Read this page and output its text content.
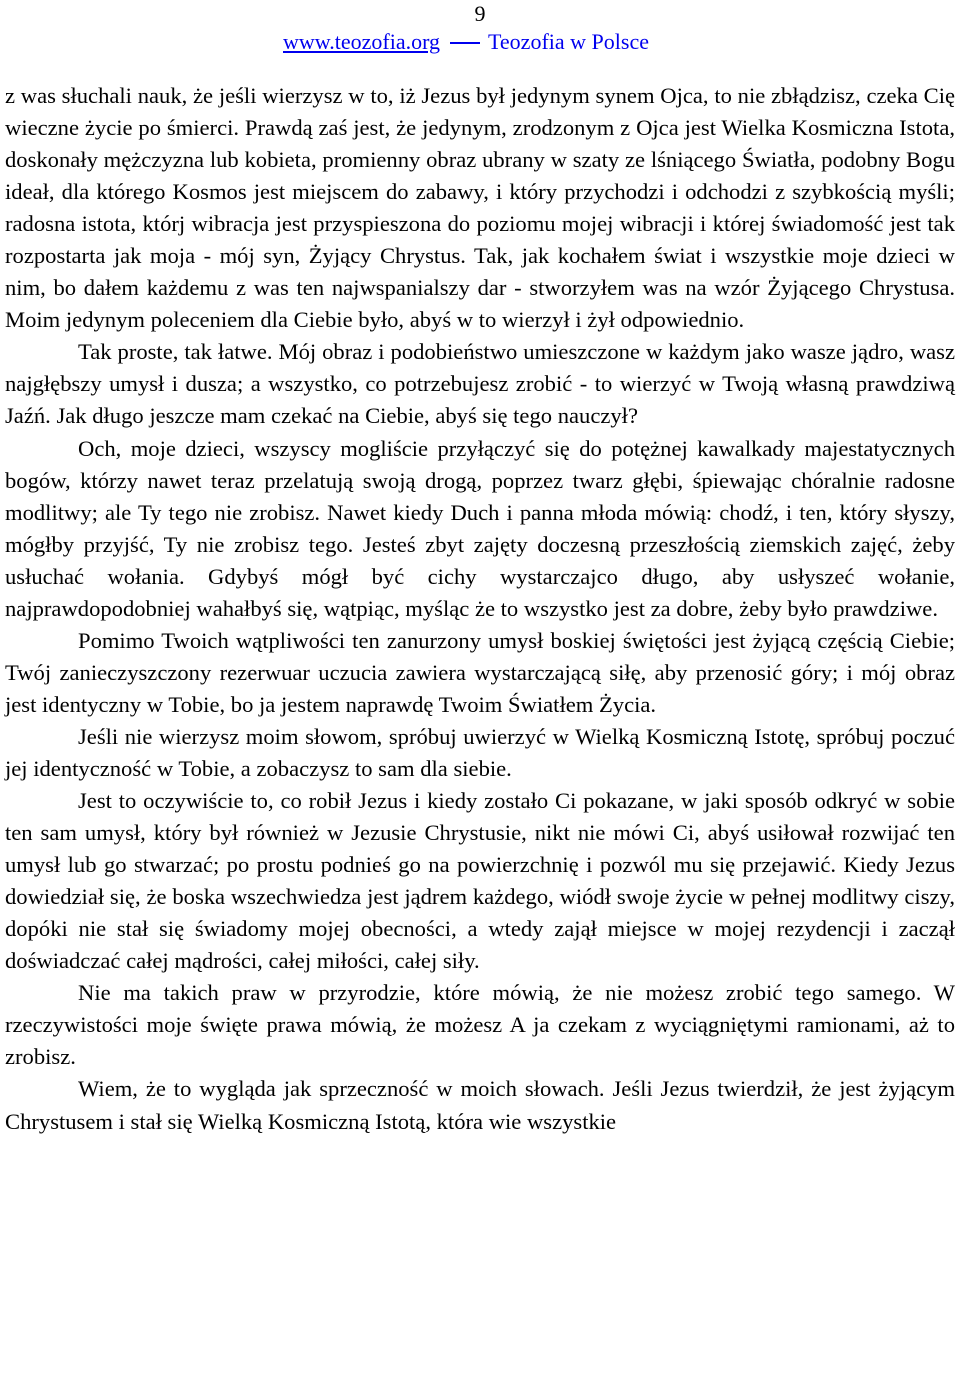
9
www.teozofia.org Teozofia w Polsce

z was słuchali nauk, że jeśli wierzysz w to, iż Jezus był jedynym synem Ojca, to nie zbłądzisz, czeka Cię wieczne życie po śmierci. Prawdą zaś jest, że jedynym, zrodzonym z Ojca jest Wielka Kosmiczna Istota, doskonały mężczyzna lub kobieta, promienny obraz ubrany w szaty ze lśniącego Światła, podobny Bogu ideał, dla którego Kosmos jest miejscem do zabawy, i który przychodzi i odchodzi z szybkością myśli; radosna istota, którj wibracja jest przyspieszona do poziomu mojej wibracji i której świadomość jest tak rozpostarta jak moja - mój syn, Żyjący Chrystus. Tak, jak kochałem świat i wszystkie moje dzieci w nim, bo dałem każdemu z was ten najwspanialszy dar - stworzyłem was na wzór Żyjącego Chrystusa. Moim jedynym poleceniem dla Ciebie było, abyś w to wierzył i żył odpowiednio.

Tak proste, tak łatwe. Mój obraz i podobieństwo umieszczone w każdym jako wasze jądro, wasz najgłębszy umysł i dusza; a wszystko, co potrzebujesz zrobić - to wierzyć w Twoją własną prawdziwą Jaźń. Jak długo jeszcze mam czekać na Ciebie, abyś się tego nauczył?

Och, moje dzieci, wszyscy mogliście przyłączyć się do potężnej kawalkady majestatycznych bogów, którzy nawet teraz przelatują swoją drogą, poprzez twarz głębi, śpiewając chóralnie radosne modlitwy; ale Ty tego nie zrobisz. Nawet kiedy Duch i panna młoda mówią: chodź, i ten, który słyszy, mógłby przyjść, Ty nie zrobisz tego. Jesteś zbyt zajęty doczesną przeszłością ziemskich zajęć, żeby usłuchać wołania. Gdybyś mógł być cichy wystarczajco długo, aby usłyszeć wołanie, najprawdopodobniej wahałbyś się, wątpiąc, myśląc że to wszystko jest za dobre, żeby było prawdziwe.

Pomimo Twoich wątpliwości ten zanurzony umysł boskiej świętości jest żyjącą częścią Ciebie; Twój zanieczyszczony rezerwuar uczucia zawiera wystarczającą siłę, aby przenosić góry; i mój obraz jest identyczny w Tobie, bo ja jestem naprawdę Twoim Światłem Życia.

Jeśli nie wierzysz moim słowom, spróbuj uwierzyć w Wielką Kosmiczną Istotę, spróbuj poczuć jej identyczność w Tobie, a zobaczysz to sam dla siebie.

Jest to oczywiście to, co robił Jezus i kiedy zostało Ci pokazane, w jaki sposób odkryć w sobie ten sam umysł, który był również w Jezusie Chrystusie, nikt nie mówi Ci, abyś usiłował rozwijać ten umysł lub go stwarzać; po prostu podnieś go na powierzchnię i pozwól mu się przejawić. Kiedy Jezus dowiedział się, że boska wszechwiedza jest jądrem każdego, wiódł swoje życie w pełnej modlitwy ciszy, dopóki nie stał się świadomy mojej obecności, a wtedy zajął miejsce w mojej rezydencji i zaczął doświadczać całej mądrości, całej miłości, całej siły.

Nie ma takich praw w przyrodzie, które mówią, że nie możesz zrobić tego samego. W rzeczywistości moje święte prawa mówią, że możesz A ja czekam z wyciągniętymi ramionami, aż to zrobisz.

Wiem, że to wygląda jak sprzeczność w moich słowach. Jeśli Jezus twierdził, że jest żyjącym Chrystusem i stał się Wielką Kosmiczną Istotą, która wie wszystkie
